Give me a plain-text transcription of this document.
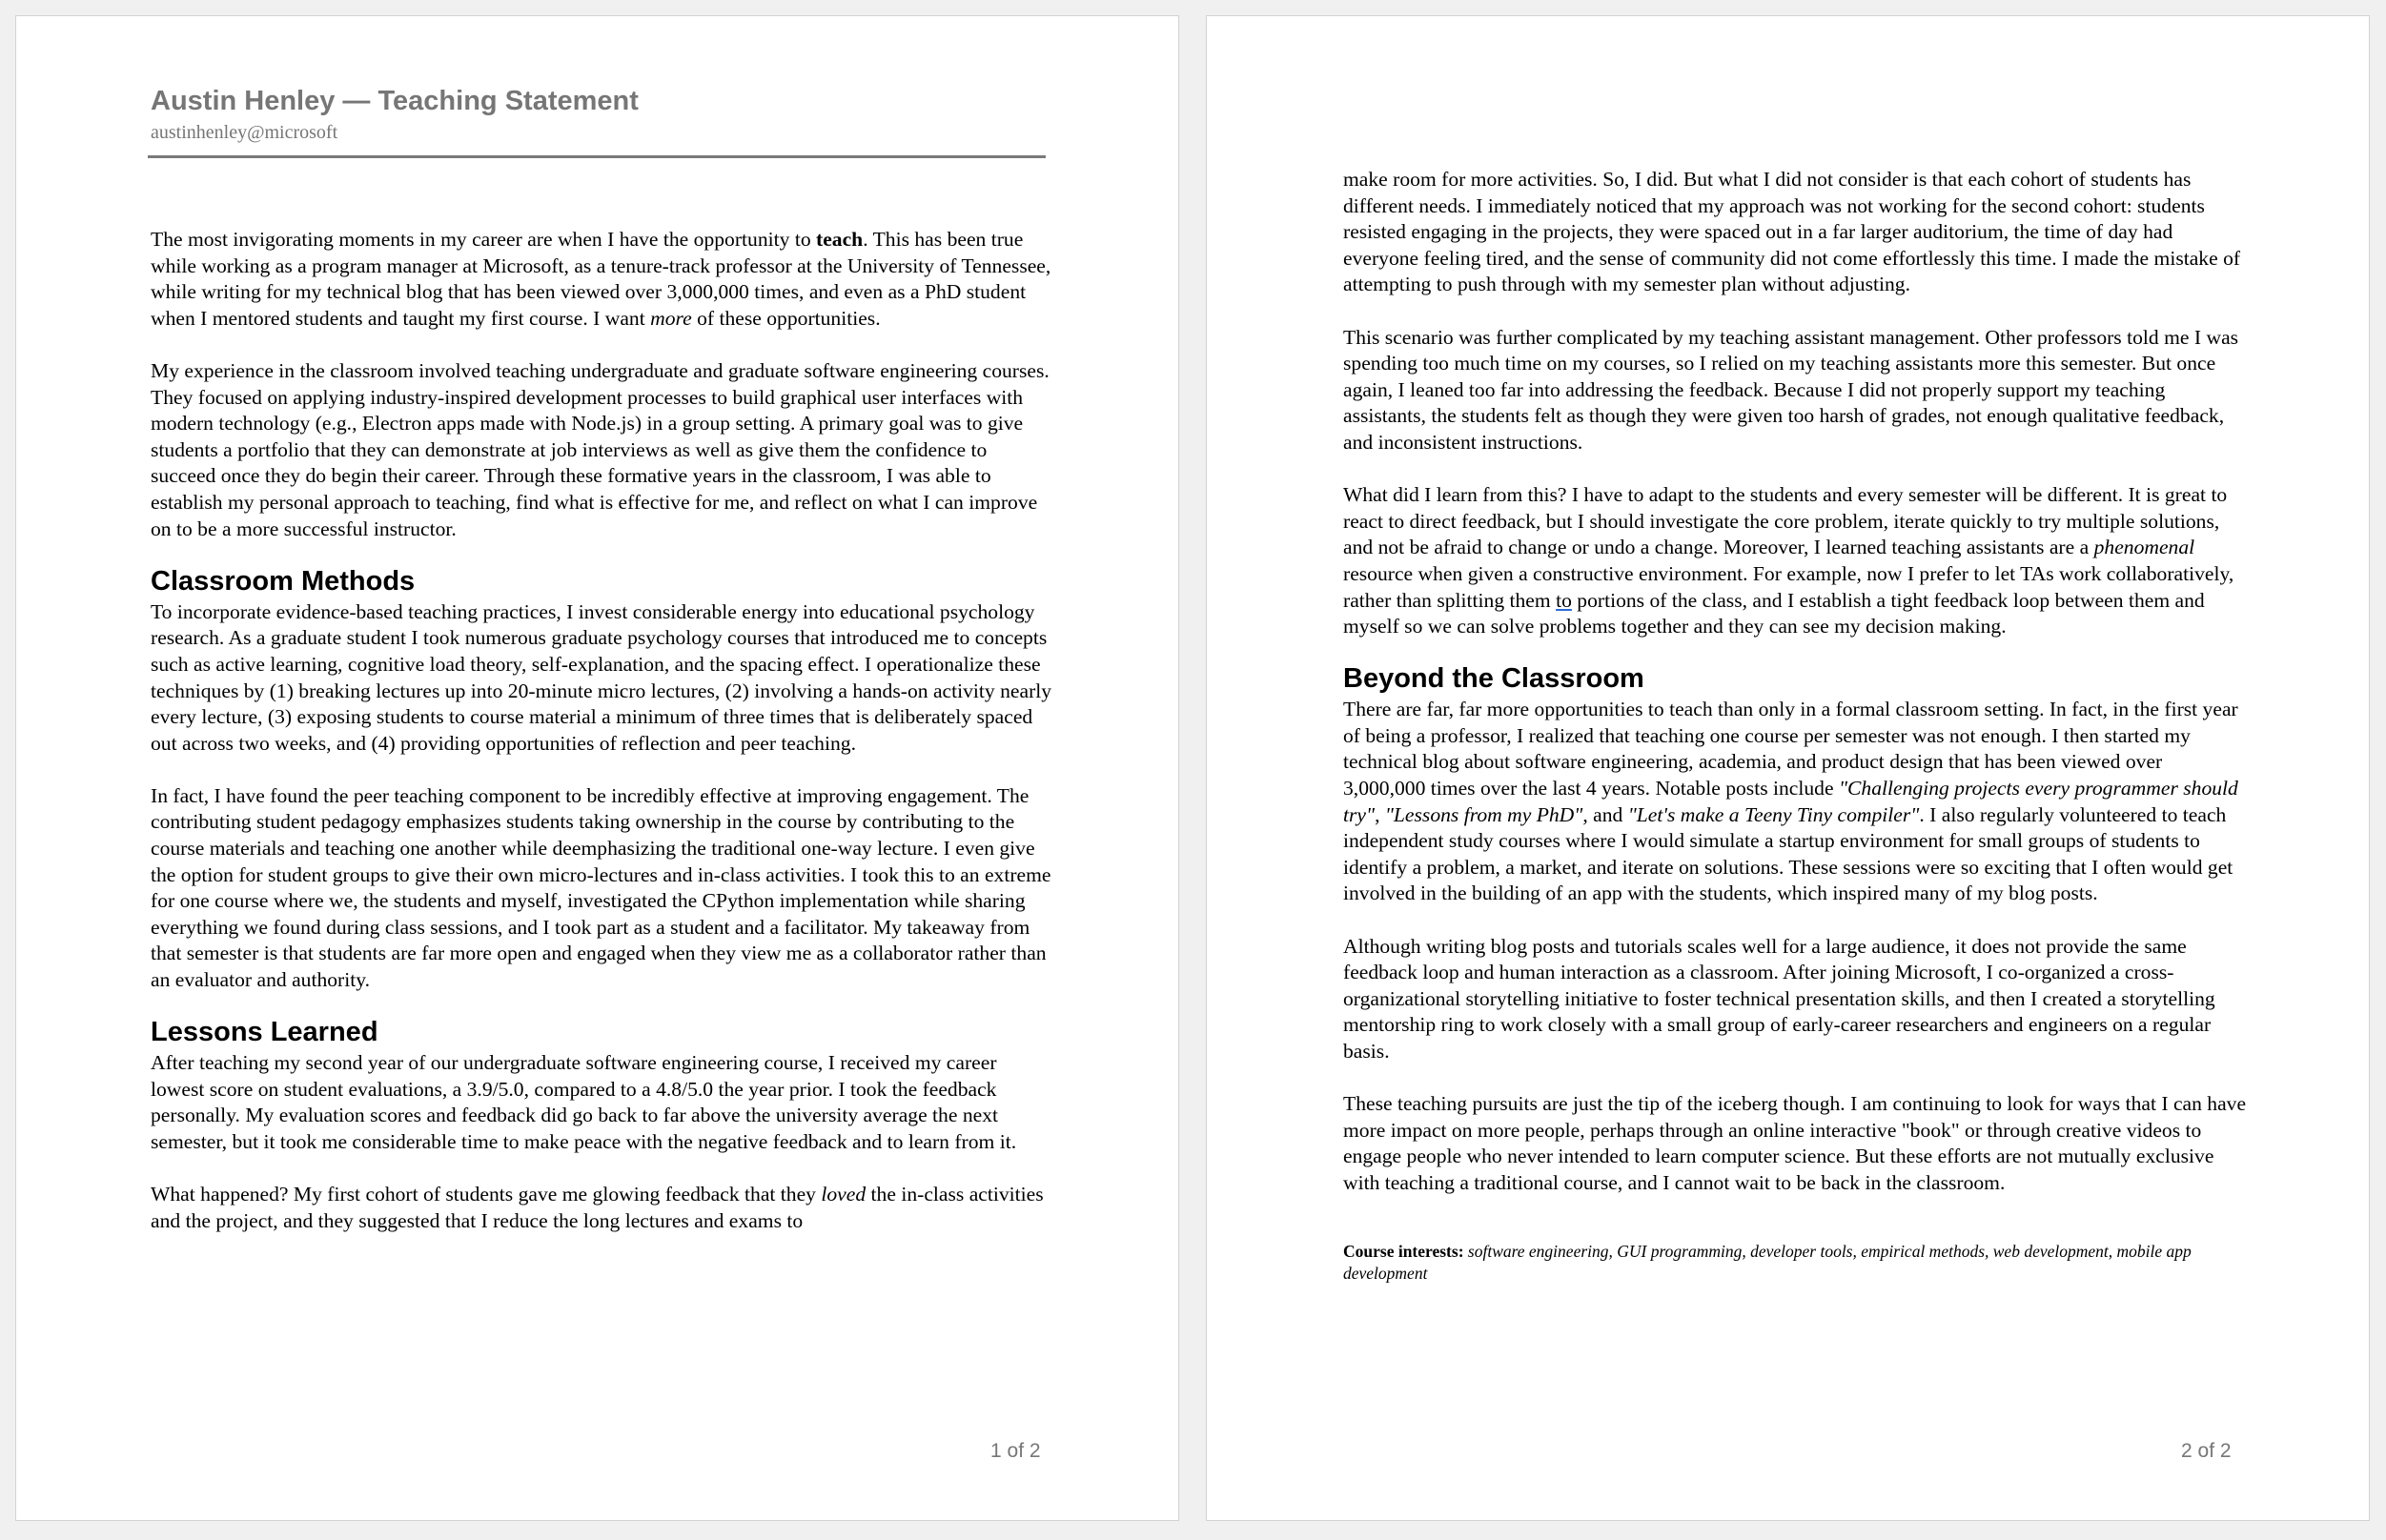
Austin Henley — Teaching Statement
austinhenley@microsoft

The most invigorating moments in my career are when I have the opportunity to teach. This has been true while working as a program manager at Microsoft, as a tenure-track professor at the University of Tennessee, while writing for my technical blog that has been viewed over 3,000,000 times, and even as a PhD student when I mentored students and taught my first course. I want more of these opportunities.

My experience in the classroom involved teaching undergraduate and graduate software engineering courses. They focused on applying industry-inspired development processes to build graphical user interfaces with modern technology (e.g., Electron apps made with Node.js) in a group setting. A primary goal was to give students a portfolio that they can demonstrate at job interviews as well as give them the confidence to succeed once they do begin their career. Through these formative years in the classroom, I was able to establish my personal approach to teaching, find what is effective for me, and reflect on what I can improve on to be a more successful instructor.

Classroom Methods

To incorporate evidence-based teaching practices, I invest considerable energy into educational psychology research. As a graduate student I took numerous graduate psychology courses that introduced me to concepts such as active learning, cognitive load theory, self-explanation, and the spacing effect. I operationalize these techniques by (1) breaking lectures up into 20-minute micro lectures, (2) involving a hands-on activity nearly every lecture, (3) exposing students to course material a minimum of three times that is deliberately spaced out across two weeks, and (4) providing opportunities of reflection and peer teaching.

In fact, I have found the peer teaching component to be incredibly effective at improving engagement. The contributing student pedagogy emphasizes students taking ownership in the course by contributing to the course materials and teaching one another while deemphasizing the traditional one-way lecture. I even give the option for student groups to give their own micro-lectures and in-class activities. I took this to an extreme for one course where we, the students and myself, investigated the CPython implementation while sharing everything we found during class sessions, and I took part as a student and a facilitator. My takeaway from that semester is that students are far more open and engaged when they view me as a collaborator rather than an evaluator and authority.

Lessons Learned

After teaching my second year of our undergraduate software engineering course, I received my career lowest score on student evaluations, a 3.9/5.0, compared to a 4.8/5.0 the year prior. I took the feedback personally. My evaluation scores and feedback did go back to far above the university average the next semester, but it took me considerable time to make peace with the negative feedback and to learn from it.

What happened? My first cohort of students gave me glowing feedback that they loved the in-class activities and the project, and they suggested that I reduce the long lectures and exams to

1 of 2

make room for more activities. So, I did. But what I did not consider is that each cohort of students has different needs. I immediately noticed that my approach was not working for the second cohort: students resisted engaging in the projects, they were spaced out in a far larger auditorium, the time of day had everyone feeling tired, and the sense of community did not come effortlessly this time. I made the mistake of attempting to push through with my semester plan without adjusting.

This scenario was further complicated by my teaching assistant management. Other professors told me I was spending too much time on my courses, so I relied on my teaching assistants more this semester. But once again, I leaned too far into addressing the feedback. Because I did not properly support my teaching assistants, the students felt as though they were given too harsh of grades, not enough qualitative feedback, and inconsistent instructions.

What did I learn from this? I have to adapt to the students and every semester will be different. It is great to react to direct feedback, but I should investigate the core problem, iterate quickly to try multiple solutions, and not be afraid to change or undo a change. Moreover, I learned teaching assistants are a phenomenal resource when given a constructive environment. For example, now I prefer to let TAs work collaboratively, rather than splitting them to portions of the class, and I establish a tight feedback loop between them and myself so we can solve problems together and they can see my decision making.

Beyond the Classroom

There are far, far more opportunities to teach than only in a formal classroom setting. In fact, in the first year of being a professor, I realized that teaching one course per semester was not enough. I then started my technical blog about software engineering, academia, and product design that has been viewed over 3,000,000 times over the last 4 years. Notable posts include "Challenging projects every programmer should try", "Lessons from my PhD", and "Let's make a Teeny Tiny compiler". I also regularly volunteered to teach independent study courses where I would simulate a startup environment for small groups of students to identify a problem, a market, and iterate on solutions. These sessions were so exciting that I often would get involved in the building of an app with the students, which inspired many of my blog posts.

Although writing blog posts and tutorials scales well for a large audience, it does not provide the same feedback loop and human interaction as a classroom. After joining Microsoft, I co-organized a cross-organizational storytelling initiative to foster technical presentation skills, and then I created a storytelling mentorship ring to work closely with a small group of early-career researchers and engineers on a regular basis.

These teaching pursuits are just the tip of the iceberg though. I am continuing to look for ways that I can have more impact on more people, perhaps through an online interactive "book" or through creative videos to engage people who never intended to learn computer science. But these efforts are not mutually exclusive with teaching a traditional course, and I cannot wait to be back in the classroom.

Course interests: software engineering, GUI programming, developer tools, empirical methods, web development, mobile app development
2 of 2
